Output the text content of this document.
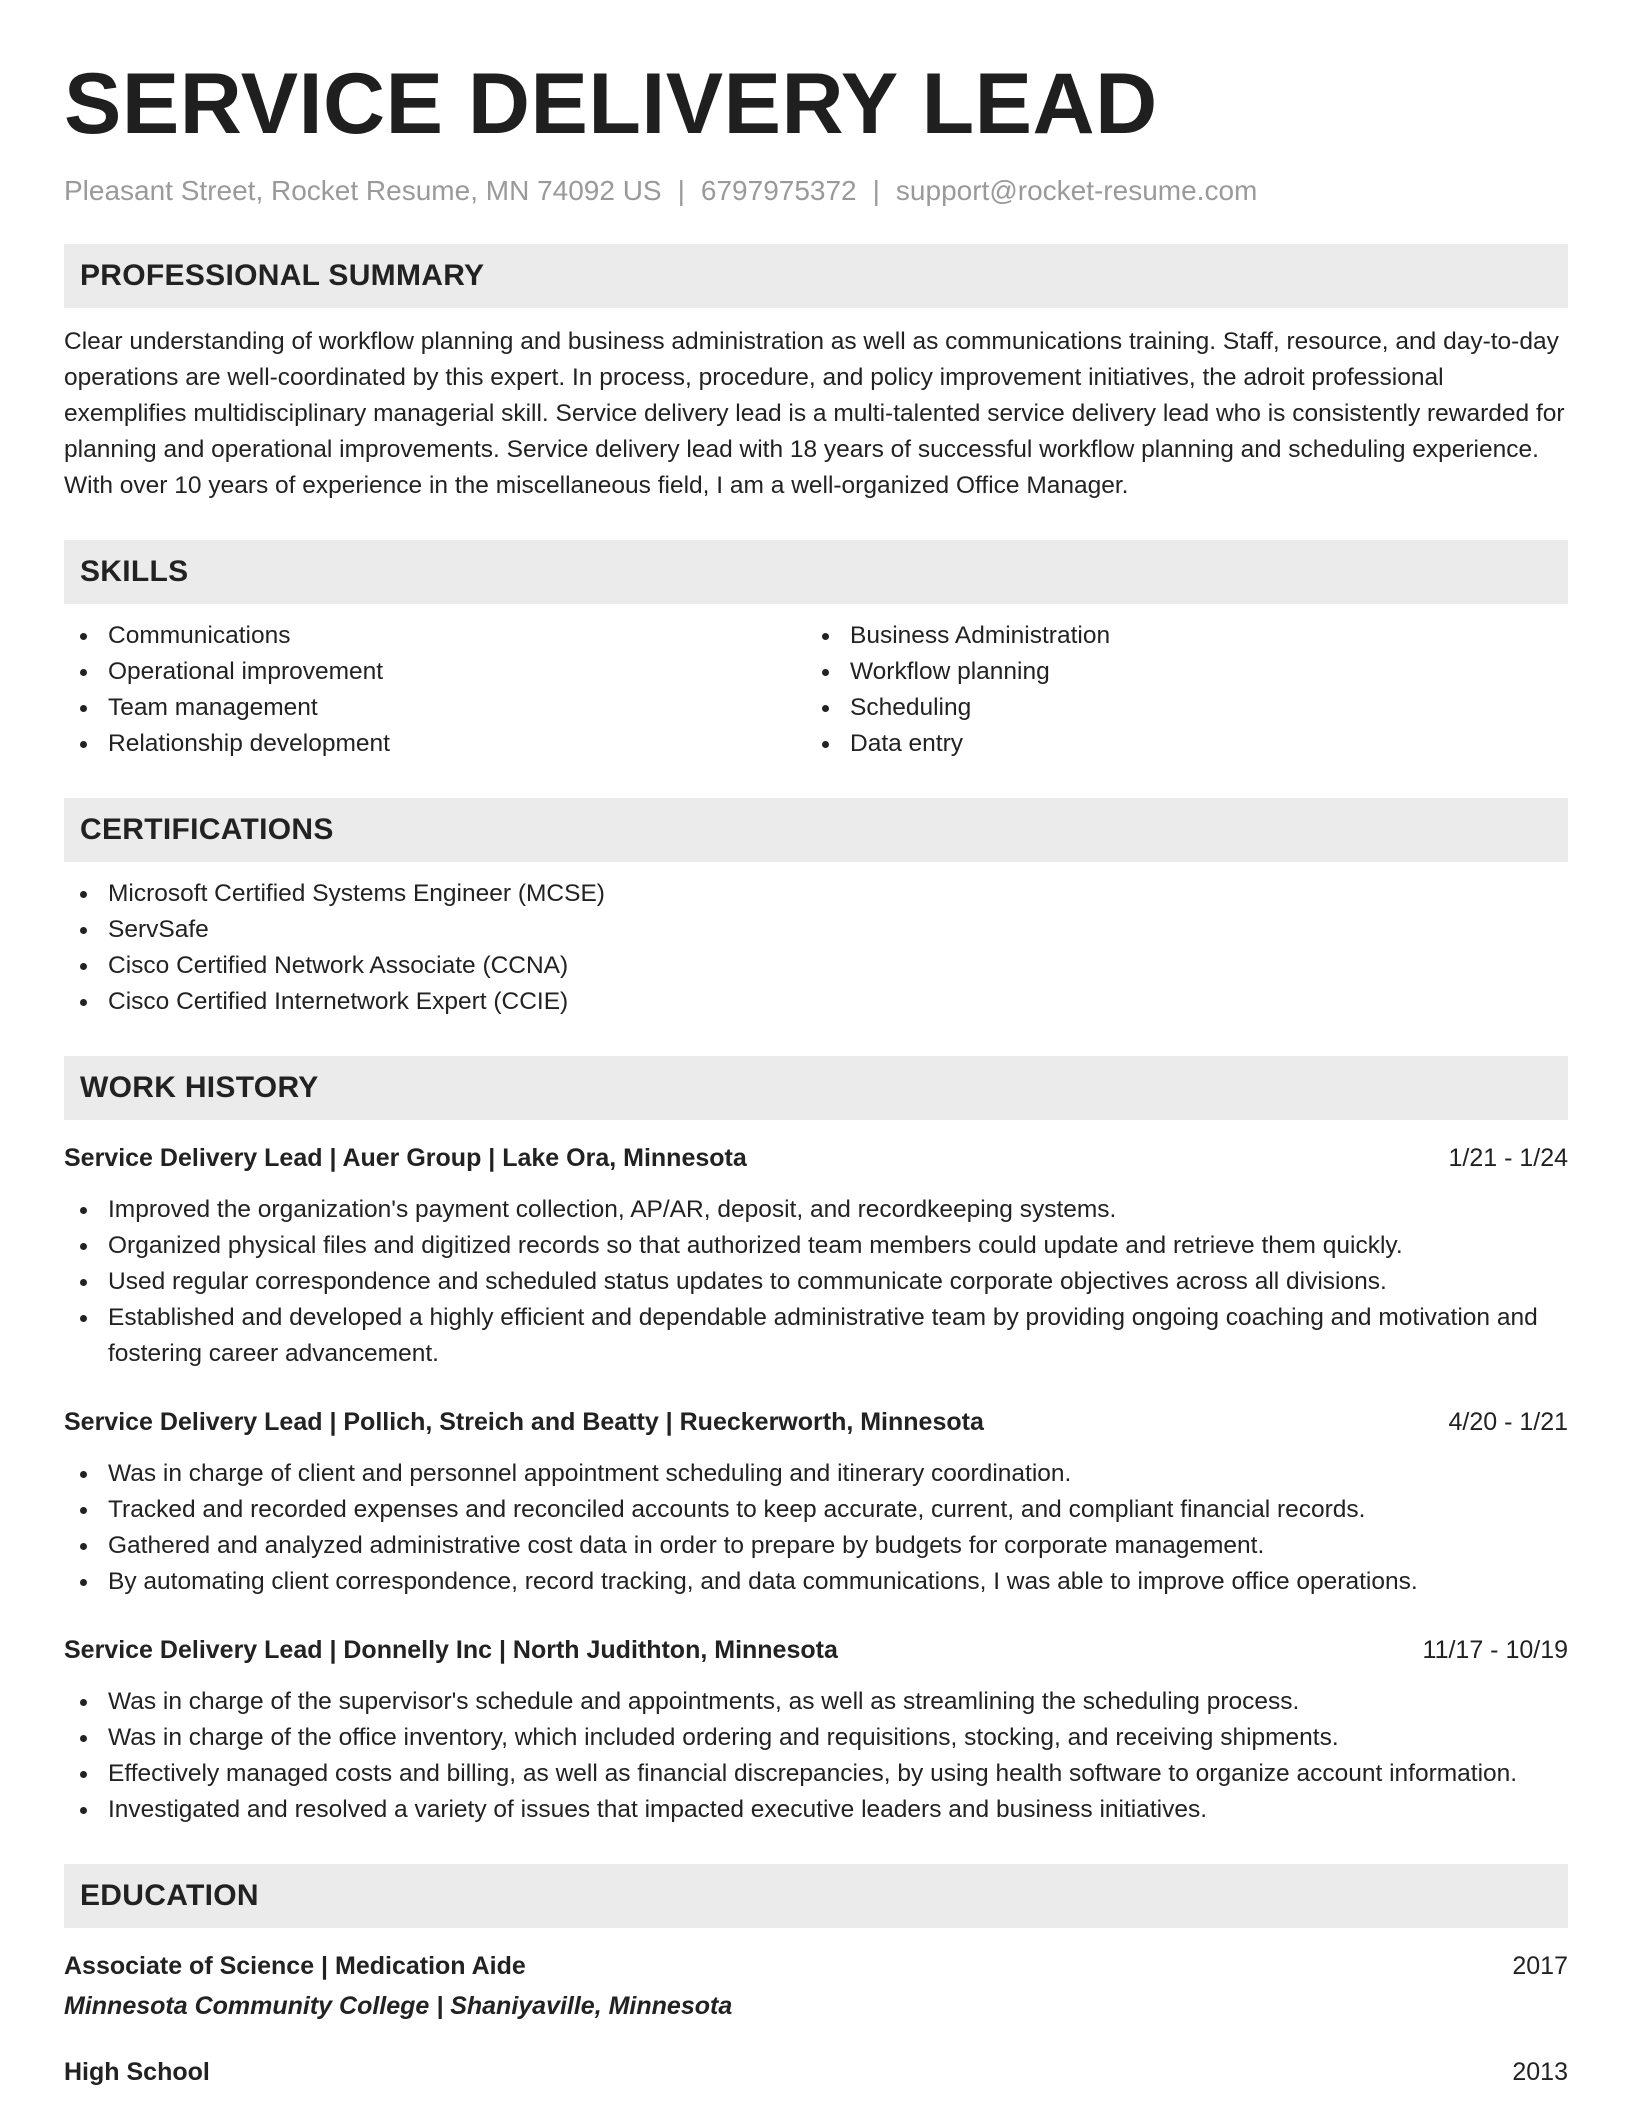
SERVICE DELIVERY LEAD
Pleasant Street, Rocket Resume, MN 74092 US | 6797975372 | support@rocket-resume.com
PROFESSIONAL SUMMARY

Clear understanding of workflow planning and business administration as well as communications training. Staff, resource, and day-to-day operations are well-coordinated by this expert. In process, procedure, and policy improvement initiatives, the adroit professional exemplifies multidisciplinary managerial skill. Service delivery lead is a multi-talented service delivery lead who is consistently rewarded for planning and operational improvements. Service delivery lead with 18 years of successful workflow planning and scheduling experience. With over 10 years of experience in the miscellaneous field, I am a well-organized Office Manager.

SKILLS
Communications
Operational improvement
Team management
Relationship development
Business Administration
Workflow planning
Scheduling
Data entry
CERTIFICATIONS
Microsoft Certified Systems Engineer (MCSE)
ServSafe
Cisco Certified Network Associate (CCNA)
Cisco Certified Internetwork Expert (CCIE)
WORK HISTORY
Service Delivery Lead | Auer Group | Lake Ora, Minnesota	1/21 - 1/24
Improved the organization's payment collection, AP/AR, deposit, and recordkeeping systems.
Organized physical files and digitized records so that authorized team members could update and retrieve them quickly.
Used regular correspondence and scheduled status updates to communicate corporate objectives across all divisions.
Established and developed a highly efficient and dependable administrative team by providing ongoing coaching and motivation and fostering career advancement.
Service Delivery Lead | Pollich, Streich and Beatty | Rueckerworth, Minnesota	4/20 - 1/21
Was in charge of client and personnel appointment scheduling and itinerary coordination.
Tracked and recorded expenses and reconciled accounts to keep accurate, current, and compliant financial records.
Gathered and analyzed administrative cost data in order to prepare by budgets for corporate management.
By automating client correspondence, record tracking, and data communications, I was able to improve office operations.
Service Delivery Lead | Donnelly Inc | North Judithton, Minnesota	11/17 - 10/19
Was in charge of the supervisor's schedule and appointments, as well as streamlining the scheduling process.
Was in charge of the office inventory, which included ordering and requisitions, stocking, and receiving shipments.
Effectively managed costs and billing, as well as financial discrepancies, by using health software to organize account information.
Investigated and resolved a variety of issues that impacted executive leaders and business initiatives.
EDUCATION
Associate of Science | Medication Aide	2017
Minnesota Community College | Shaniyaville, Minnesota
High School	2013
